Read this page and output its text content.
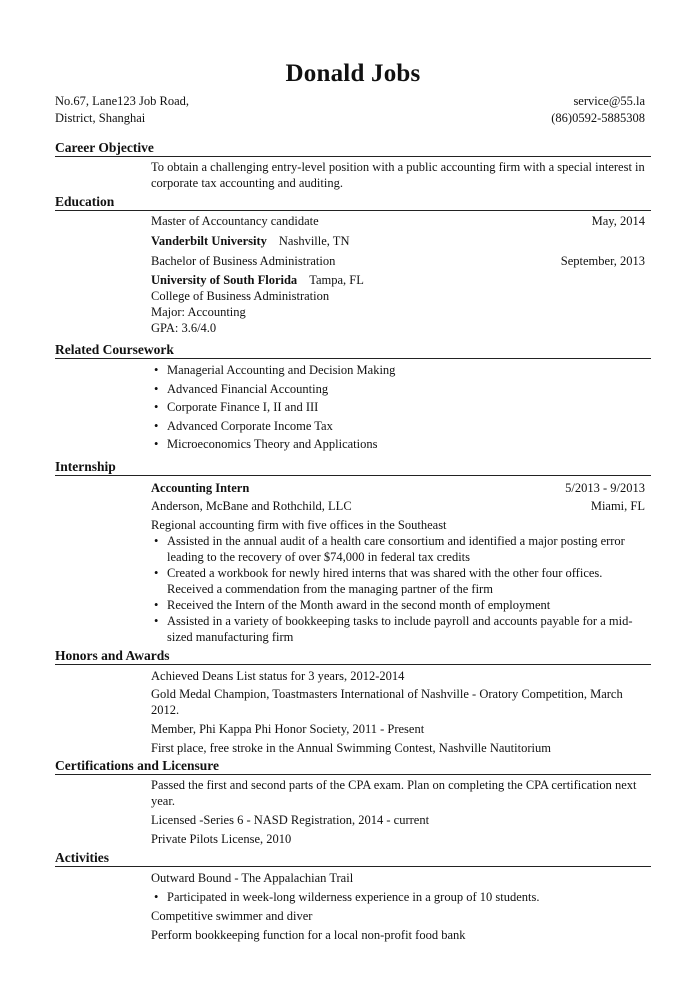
Donald Jobs
No.67, Lane123 Job Road,
District, Shanghai
service@55.la
(86)0592-5885308
Career Objective
To obtain a challenging entry-level position with a public accounting firm with a special interest in
corporate tax accounting and auditing.
Education
Master of Accountancy candidate	May, 2014
Vanderbilt University Nashville, TN
Bachelor of Business Administration	September, 2013
University of South Florida Tampa, FL
College of Business Administration
Major: Accounting
GPA: 3.6/4.0
Related Coursework
• Managerial Accounting and Decision Making
• Advanced Financial Accounting
• Corporate Finance I, II and III
• Advanced Corporate Income Tax
• Microeconomics Theory and Applications
Internship
Accounting Intern	5/2013 - 9/2013
Anderson, McBane and Rothchild, LLC	Miami, FL
Regional accounting firm with five offices in the Southeast
• Assisted in the annual audit of a health care consortium and identified a major posting error
leading to the recovery of over $74,000 in federal tax credits
• Created a workbook for newly hired interns that was shared with the other four offices.
Received a commendation from the managing partner of the firm
• Received the Intern of the Month award in the second month of employment
• Assisted in a variety of bookkeeping tasks to include payroll and accounts payable for a mid-
sized manufacturing firm
Honors and Awards
Achieved Deans List status for 3 years, 2012-2014
Gold Medal Champion, Toastmasters International of Nashville - Oratory Competition, March
2012.
Member, Phi Kappa Phi Honor Society, 2011 - Present
First place, free stroke in the Annual Swimming Contest, Nashville Nautitorium
Certifications and Licensure
Passed the first and second parts of the CPA exam. Plan on completing the CPA certification next
year.
Licensed -Series 6 - NASD Registration, 2014 - current
Private Pilots License, 2010
Activities
Outward Bound - The Appalachian Trail
• Participated in week-long wilderness experience in a group of 10 students.
Competitive swimmer and diver
Perform bookkeeping function for a local non-profit food bank
